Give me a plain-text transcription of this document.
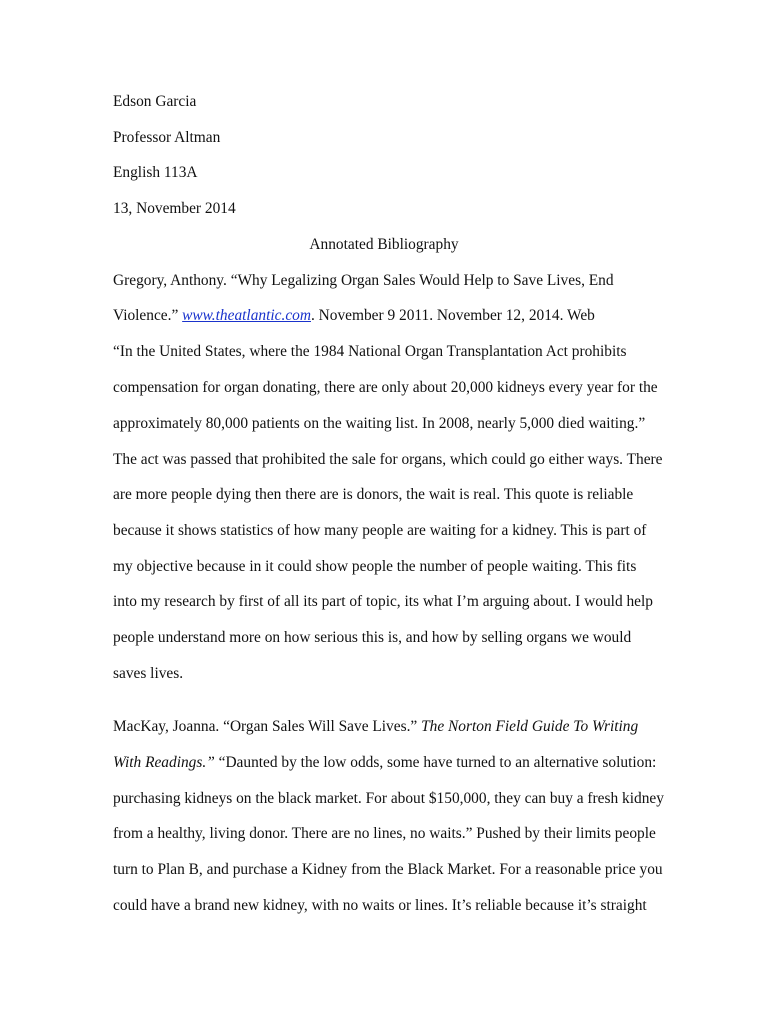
Edson Garcia
Professor Altman
English 113A
13, November 2014
Annotated Bibliography
Gregory, Anthony. “Why Legalizing Organ Sales Would Help to Save Lives, End
Violence.” www.theatlantic.com. November 9 2011. November 12, 2014. Web
“In the United States, where the 1984 National Organ Transplantation Act prohibits
compensation for organ donating, there are only about 20,000 kidneys every year for the
approximately 80,000 patients on the waiting list. In 2008, nearly 5,000 died waiting.”
The act was passed that prohibited the sale for organs, which could go either ways. There
are more people dying then there are is donors, the wait is real. This quote is reliable
because it shows statistics of how many people are waiting for a kidney. This is part of
my objective because in it could show people the number of people waiting. This fits
into my research by first of all its part of topic, its what I’m arguing about. I would help
people understand more on how serious this is, and how by selling organs we would
saves lives.
MacKay, Joanna. “Organ Sales Will Save Lives.” The Norton Field Guide To Writing
With Readings.” “Daunted by the low odds, some have turned to an alternative solution:
purchasing kidneys on the black market. For about $150,000, they can buy a fresh kidney
from a healthy, living donor. There are no lines, no waits.” Pushed by their limits people
turn to Plan B, and purchase a Kidney from the Black Market. For a reasonable price you
could have a brand new kidney, with no waits or lines. It’s reliable because it’s straight
